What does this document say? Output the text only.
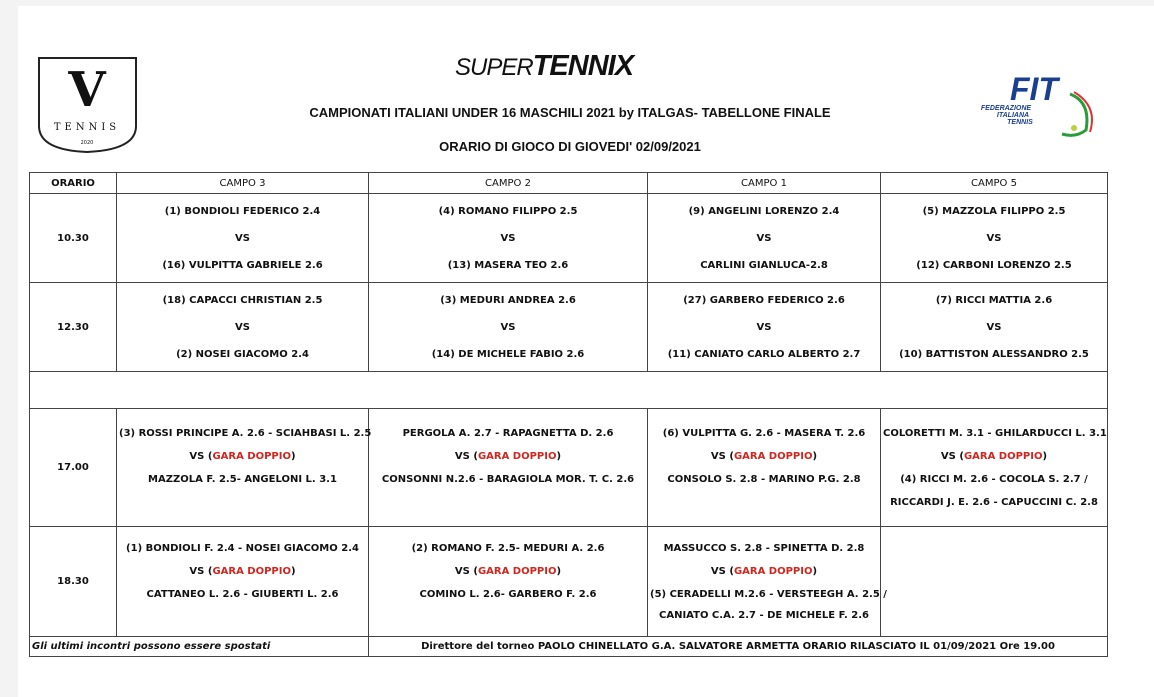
V
TENNIS
2020
SUPERTENNIX
FIT
FEDERAZIONE
ITALIANA
TENNIS
CAMPIONATI ITALIANI UNDER 16 MASCHILI 2021 by ITALGAS- TABELLONE FINALE
ORARIO DI GIOCO DI GIOVEDI' 02/09/2021
ORARIO	CAMPO 3	CAMPO 2	CAMPO 1	CAMPO 5
10.30	(1) BONDIOLI FEDERICO 2.4
VS
(16) VULPITTA GABRIELE 2.6	(4) ROMANO FILIPPO 2.5
VS
(13) MASERA TEO 2.6	(9) ANGELINI LORENZO 2.4
VS
CARLINI GIANLUCA-2.8	(5) MAZZOLA FILIPPO 2.5
VS
(12) CARBONI LORENZO 2.5

12.30	(18) CAPACCI CHRISTIAN 2.5
VS
(2) NOSEI GIACOMO 2.4	(3) MEDURI ANDREA 2.6
VS
(14) DE MICHELE FABIO 2.6	(27) GARBERO FEDERICO 2.6
VS
(11) CANIATO CARLO ALBERTO 2.7	(7) RICCI MATTIA 2.6
VS
(10) BATTISTON ALESSANDRO 2.5

17.00	(3) ROSSI PRINCIPE A. 2.6 - SCIAHBASI L. 2.5
VS (GARA DOPPIO)
MAZZOLA F. 2.5- ANGELONI L. 3.1	PERGOLA A. 2.7 - RAPAGNETTA D. 2.6
VS (GARA DOPPIO)
CONSONNI N.2.6 - BARAGIOLA MOR. T. C. 2.6	(6) VULPITTA G. 2.6 - MASERA T. 2.6
VS (GARA DOPPIO)
CONSOLO S. 2.8 - MARINO P.G. 2.8	COLORETTI M. 3.1 - GHILARDUCCI L. 3.1
VS (GARA DOPPIO)
(4) RICCI M. 2.6 - COCOLA S. 2.7 /
RICCARDI J. E. 2.6 - CAPUCCINI C. 2.8

18.30	(1) BONDIOLI F. 2.4 - NOSEI GIACOMO 2.4
VS (GARA DOPPIO)
CATTANEO L. 2.6 - GIUBERTI L. 2.6	(2) ROMANO F. 2.5- MEDURI A. 2.6
VS (GARA DOPPIO)
COMINO L. 2.6- GARBERO F. 2.6	MASSUCCO S. 2.8 - SPINETTA D. 2.8
VS (GARA DOPPIO)
(5) CERADELLI M.2.6 - VERSTEEGH A. 2.5 /
CANIATO C.A. 2.7 - DE MICHELE F. 2.6	

Gli ultimi incontri possono essere spostati		Direttore del torneo PAOLO CHINELLATO G.A. SALVATORE ARMETTA ORARIO RILASCIATO IL 01/09/2021 Ore 19.00		
